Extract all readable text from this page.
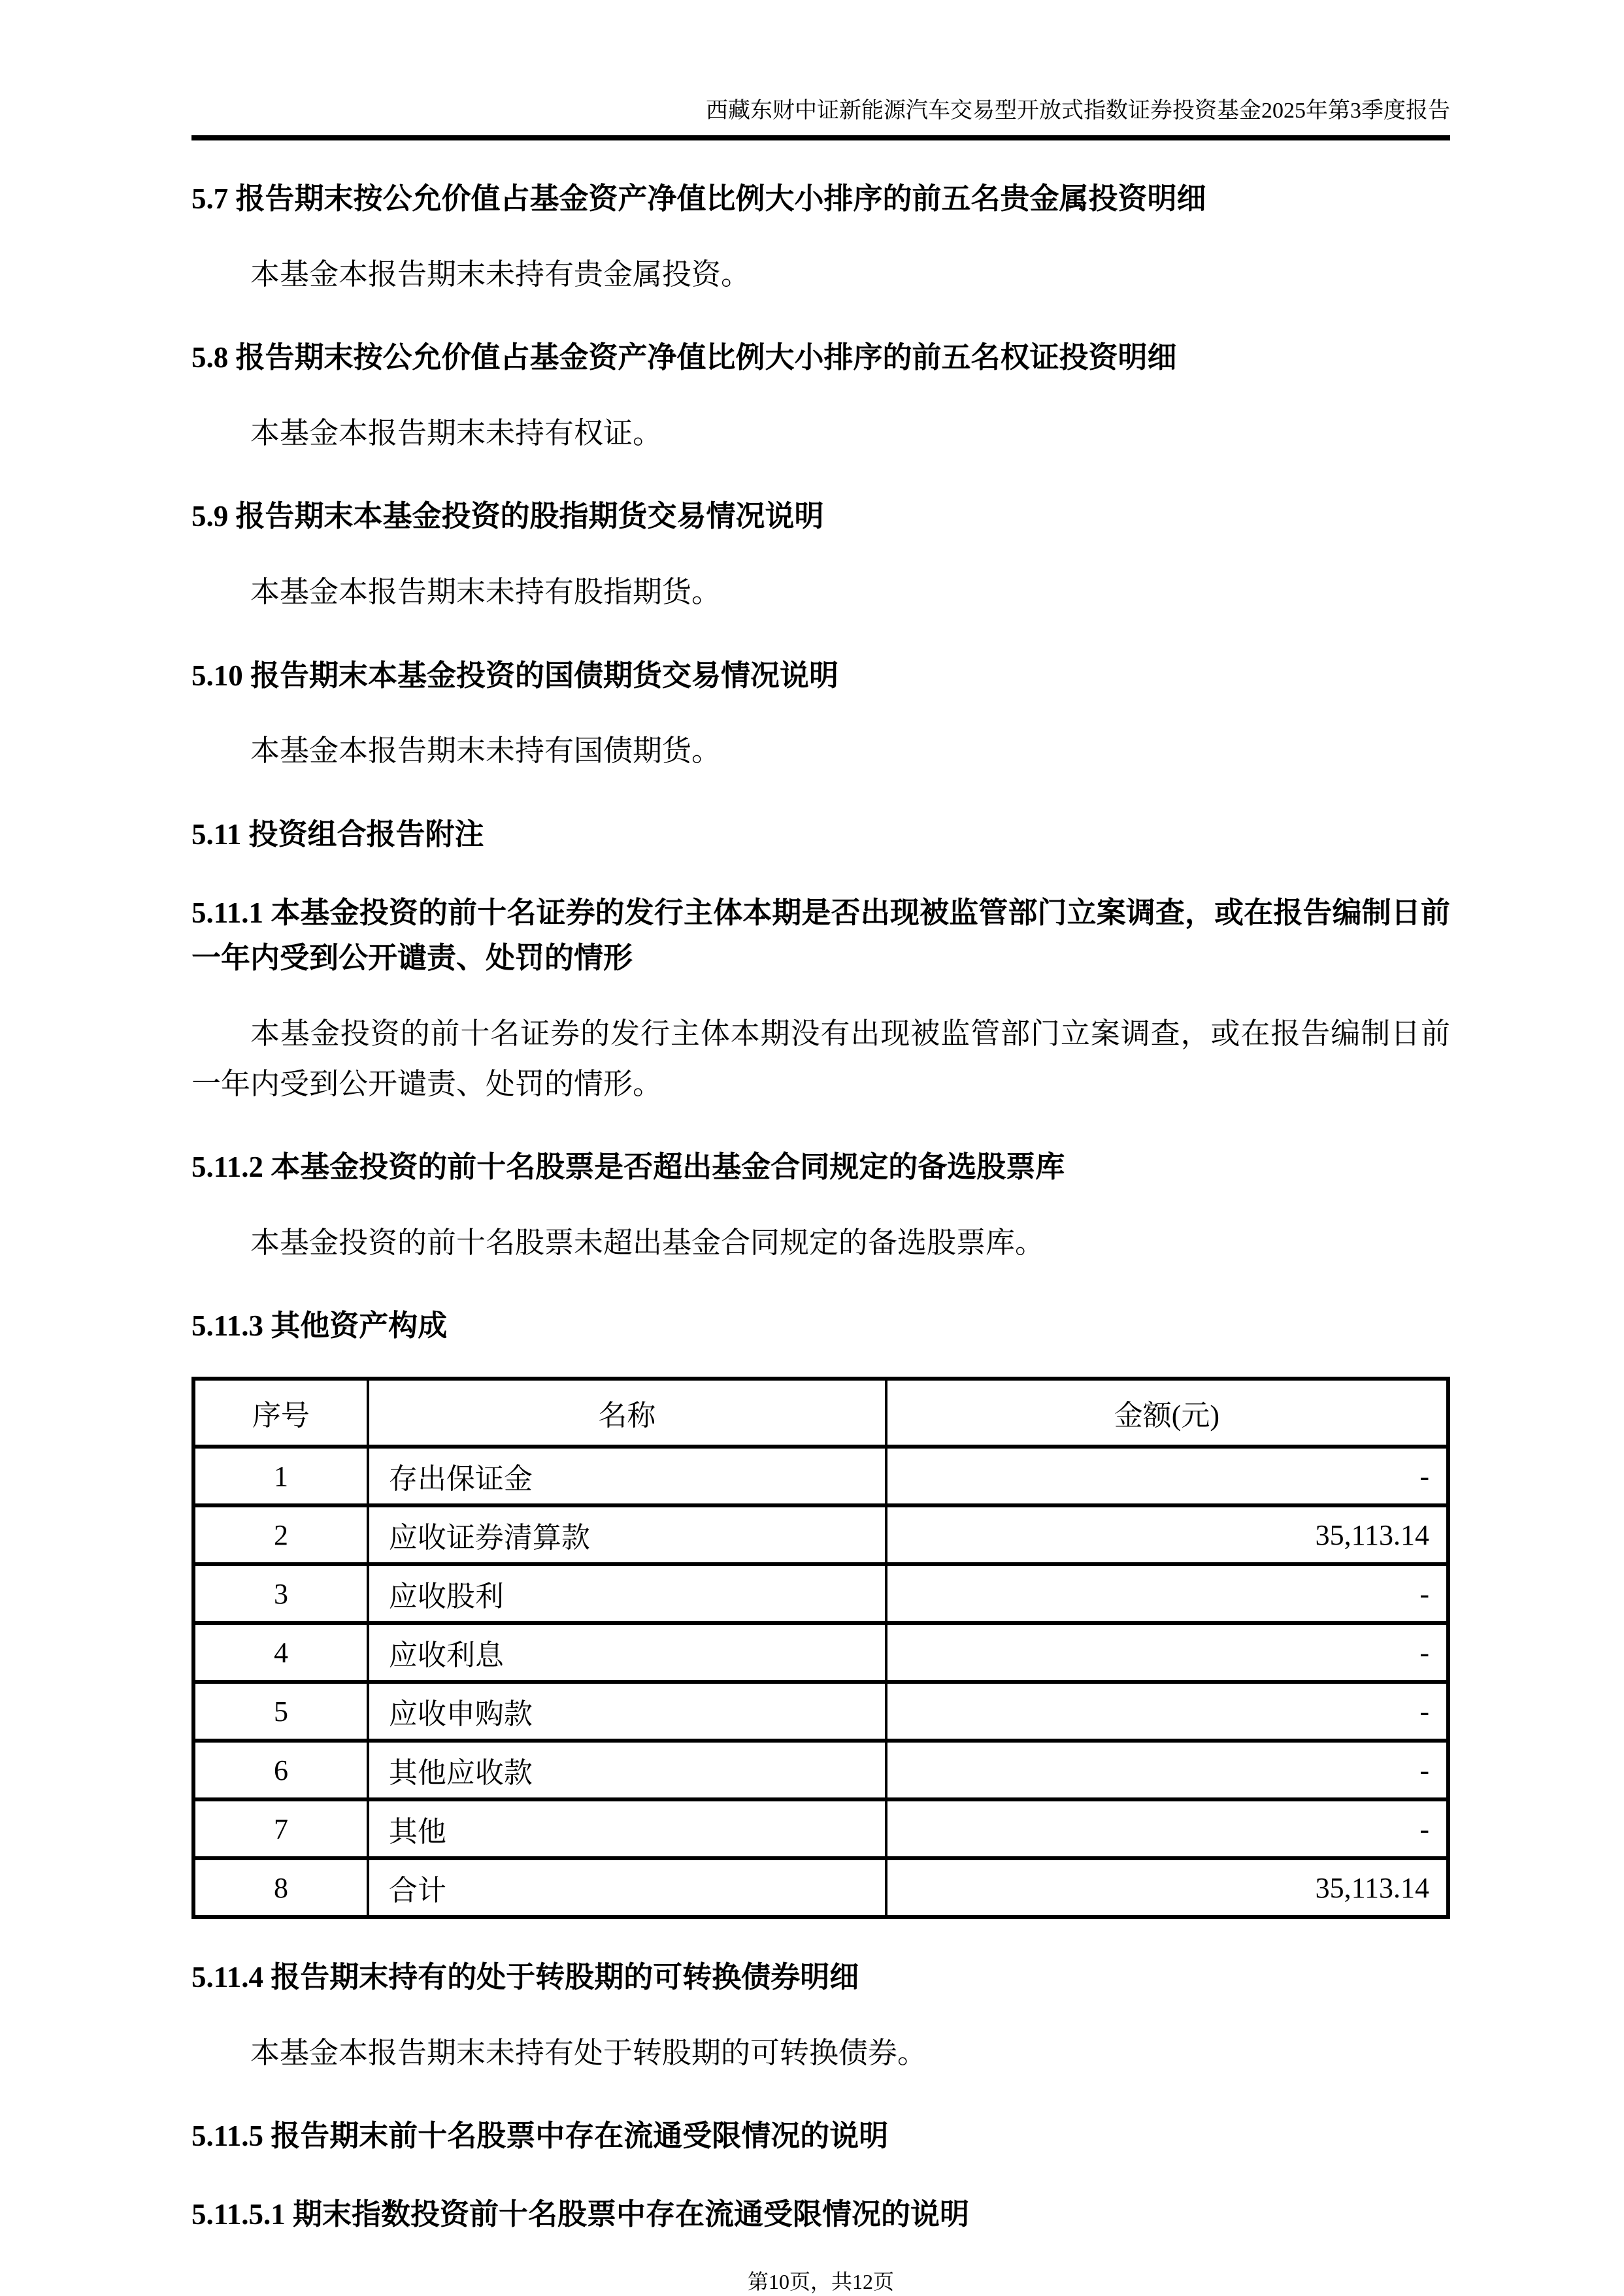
西藏东财中证新能源汽车交易型开放式指数证券投资基金2025年第3季度报告
5.7 报告期末按公允价值占基金资产净值比例大小排序的前五名贵金属投资明细

本基金本报告期末未持有贵金属投资。

5.8 报告期末按公允价值占基金资产净值比例大小排序的前五名权证投资明细

本基金本报告期末未持有权证。

5.9 报告期末本基金投资的股指期货交易情况说明

本基金本报告期末未持有股指期货。

5.10 报告期末本基金投资的国债期货交易情况说明

本基金本报告期末未持有国债期货。

5.11 投资组合报告附注
5.11.1 本基金投资的前十名证券的发行主体本期是否出现被监管部门立案调查，或在报告编制日前一年内受到公开谴责、处罚的情形

本基金投资的前十名证券的发行主体本期没有出现被监管部门立案调查，或在报告编制日前一年内受到公开谴责、处罚的情形。

5.11.2 本基金投资的前十名股票是否超出基金合同规定的备选股票库

本基金投资的前十名股票未超出基金合同规定的备选股票库。

5.11.3 其他资产构成
序号	名称	金额(元)
1	存出保证金	-
2	应收证券清算款	35,113.14
3	应收股利	-
4	应收利息	-
5	应收申购款	-
6	其他应收款	-
7	其他	-
8	合计	35,113.14
5.11.4 报告期末持有的处于转股期的可转换债券明细

本基金本报告期末未持有处于转股期的可转换债券。

5.11.5 报告期末前十名股票中存在流通受限情况的说明
5.11.5.1 期末指数投资前十名股票中存在流通受限情况的说明
第10页，共12页
